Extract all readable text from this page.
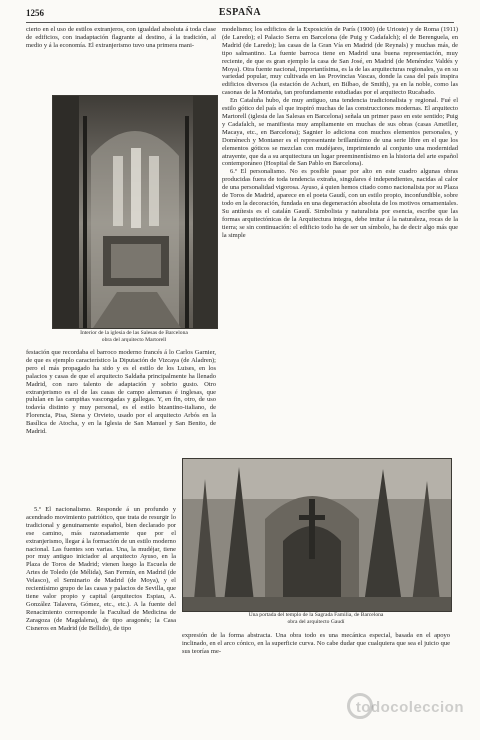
1256	ESPAÑA

cierto en el uso de estilos extranjeros, con igualdad absoluta á toda clase de edificios, con inadaptación flagrante al destino, á la tradición, al medio y á la economía. El extranjerismo tuvo una primera mani-

modelismo; los edificios de la Exposición de París (1900) (de Urioste) y de Roma (1911) (de Laredo); el Palacio Serra en Barcelona (de Puig y Cadafalch); el de Berenguela, en Madrid (de Laredo); las casas de la Gran Vía en Madrid (de Reynals) y muchas más, de tipo salmantino. La fuente barroca tiene en Madrid una buena representación, muy reciente, de que es gran ejemplo la casa de San José, en Madrid (de Menéndez Valdés y Moya). Otra fuente nacional, importantísima, es la de las arquitecturas regionales, ya en su variedad popular, muy cultivada en las Provincias Vascas, donde la casa del país inspira edificios diversos (la estación de Achuri, en Bilbao, de Smith), ya en la noble, como las casonas de la Montaña, tan profundamente estudiadas por el arquitecto Rucabado.

En Cataluña hubo, de muy antiguo, una tendencia tradicionalista y regional. Fué el estilo gótico del país el que inspiró muchas de las construcciones modernas. El arquitecto Martorell (iglesia de las Salesas en Barcelona) señala un primer paso en este sentido; Puig y Cadafalch, se manifiesta muy ampliamente en muchas de sus obras (casas Ametller, Macaya, etc., en Barcelona); Sagnier lo adiciona con muchos elementos personales, y Domènech y Montaner es el representante brillantísimo de una serie libre en el que los elementos góticos se mezclan con mudéjares, imprimiendo al conjunto una modernidad atrayente, que da a su arquitectura un lugar preeminentísimo en la historia del arte español contemporáneo (Hospital de San Pablo en Barcelona).

6.º El personalismo. No es posible pasar por alto en este cuadro algunas obras producidas fuera de toda tendencia extraña, singulares é independientes, nacidas al calor de una personalidad vigorosa. Ayuso, á quien hemos citado como nacionalista por su Plaza de Toros de Madrid, aparece en el poeta Gaudí, con un estilo propio, inconfundible, sobre todo en la decoración, fundada en una degeneración absoluta de los motivos ornamentales. Su antítesis es el catalán Gaudí. Simbolista y naturalista por esencia, escribe que las formas arquitectónicas de la Arquitectura integra, debe imitar á la naturaleza, rocas de la tierra; se sin continuación: el edificio todo ha de ser un símbolo, ha de decir algo más que la simple

Interior de la iglesia de las Salesas de Barcelona
obra del arquitecto Martorell

festación que recordaba el barroco moderno francés á lo Carlos Garnier, de que es ejemplo característico la Diputación de Vizcaya (de Aladren); pero el más propagado ha sido y es el estilo de los Luises, en los palacios y casas de que el arquitecto Saldaña principalmente ha llenado Madrid, con raro talento de adaptación y sobrio gusto. Otro extranjerismo es el de las casas de campo alemanas é inglesas, que pululan en las campiñas vascongadas y gallegas. Y, en fin, otro, de uso todavía distinto y muy personal, es el estilo bizantino-italiano, de Florencia, Pisa, Siena y Orvieto, usado por el arquitecto Arbós en la Basílica de Atocha, y en la Iglesia de San Manuel y San Benito, de Madrid.

5.º El nacionalismo. Responde á un profundo y acendrado movimiento patriótico, que trata de resurgir lo tradicional y genuinamente español, bien declarado por ese camino, más razonadamente que por el extranjerismo, llegar á la formación de un estilo moderno nacional. Las fuentes son varias. Una, la mudéjar, tiene por muy antiguo iniciador al arquitecto Ayuso, en la Plaza de Toros de Madrid; vienen luego la Escuela de Artes de Toledo (de Mélida), San Fermín, en Madrid (de Velasco), el Seminario de Madrid (de Moya), y el recientísimo grupo de las casas y palacios de Sevilla, que tiene valor propio y capital (arquitectos Espiau, A. González Talavera, Gómez, etc., etc.). A la fuente del Renacimiento corresponde la Facultad de Medicina de Zaragoza (de Magdalena), de tipo aragonés; la Casa Cisneros en Madrid (de Bellido), de tipo

Una portada del templo de la Sagrada Familia, de Barcelona
obra del arquitecto Gaudí

expresión de la forma abstracta. Una obra todo es una mecánica especial, basada en el apoyo inclinado, en el arco cónico, en la superficie curva. No cabe dudar que cualquiera que sea el juicio que sus teorías me-

todocoleccion
